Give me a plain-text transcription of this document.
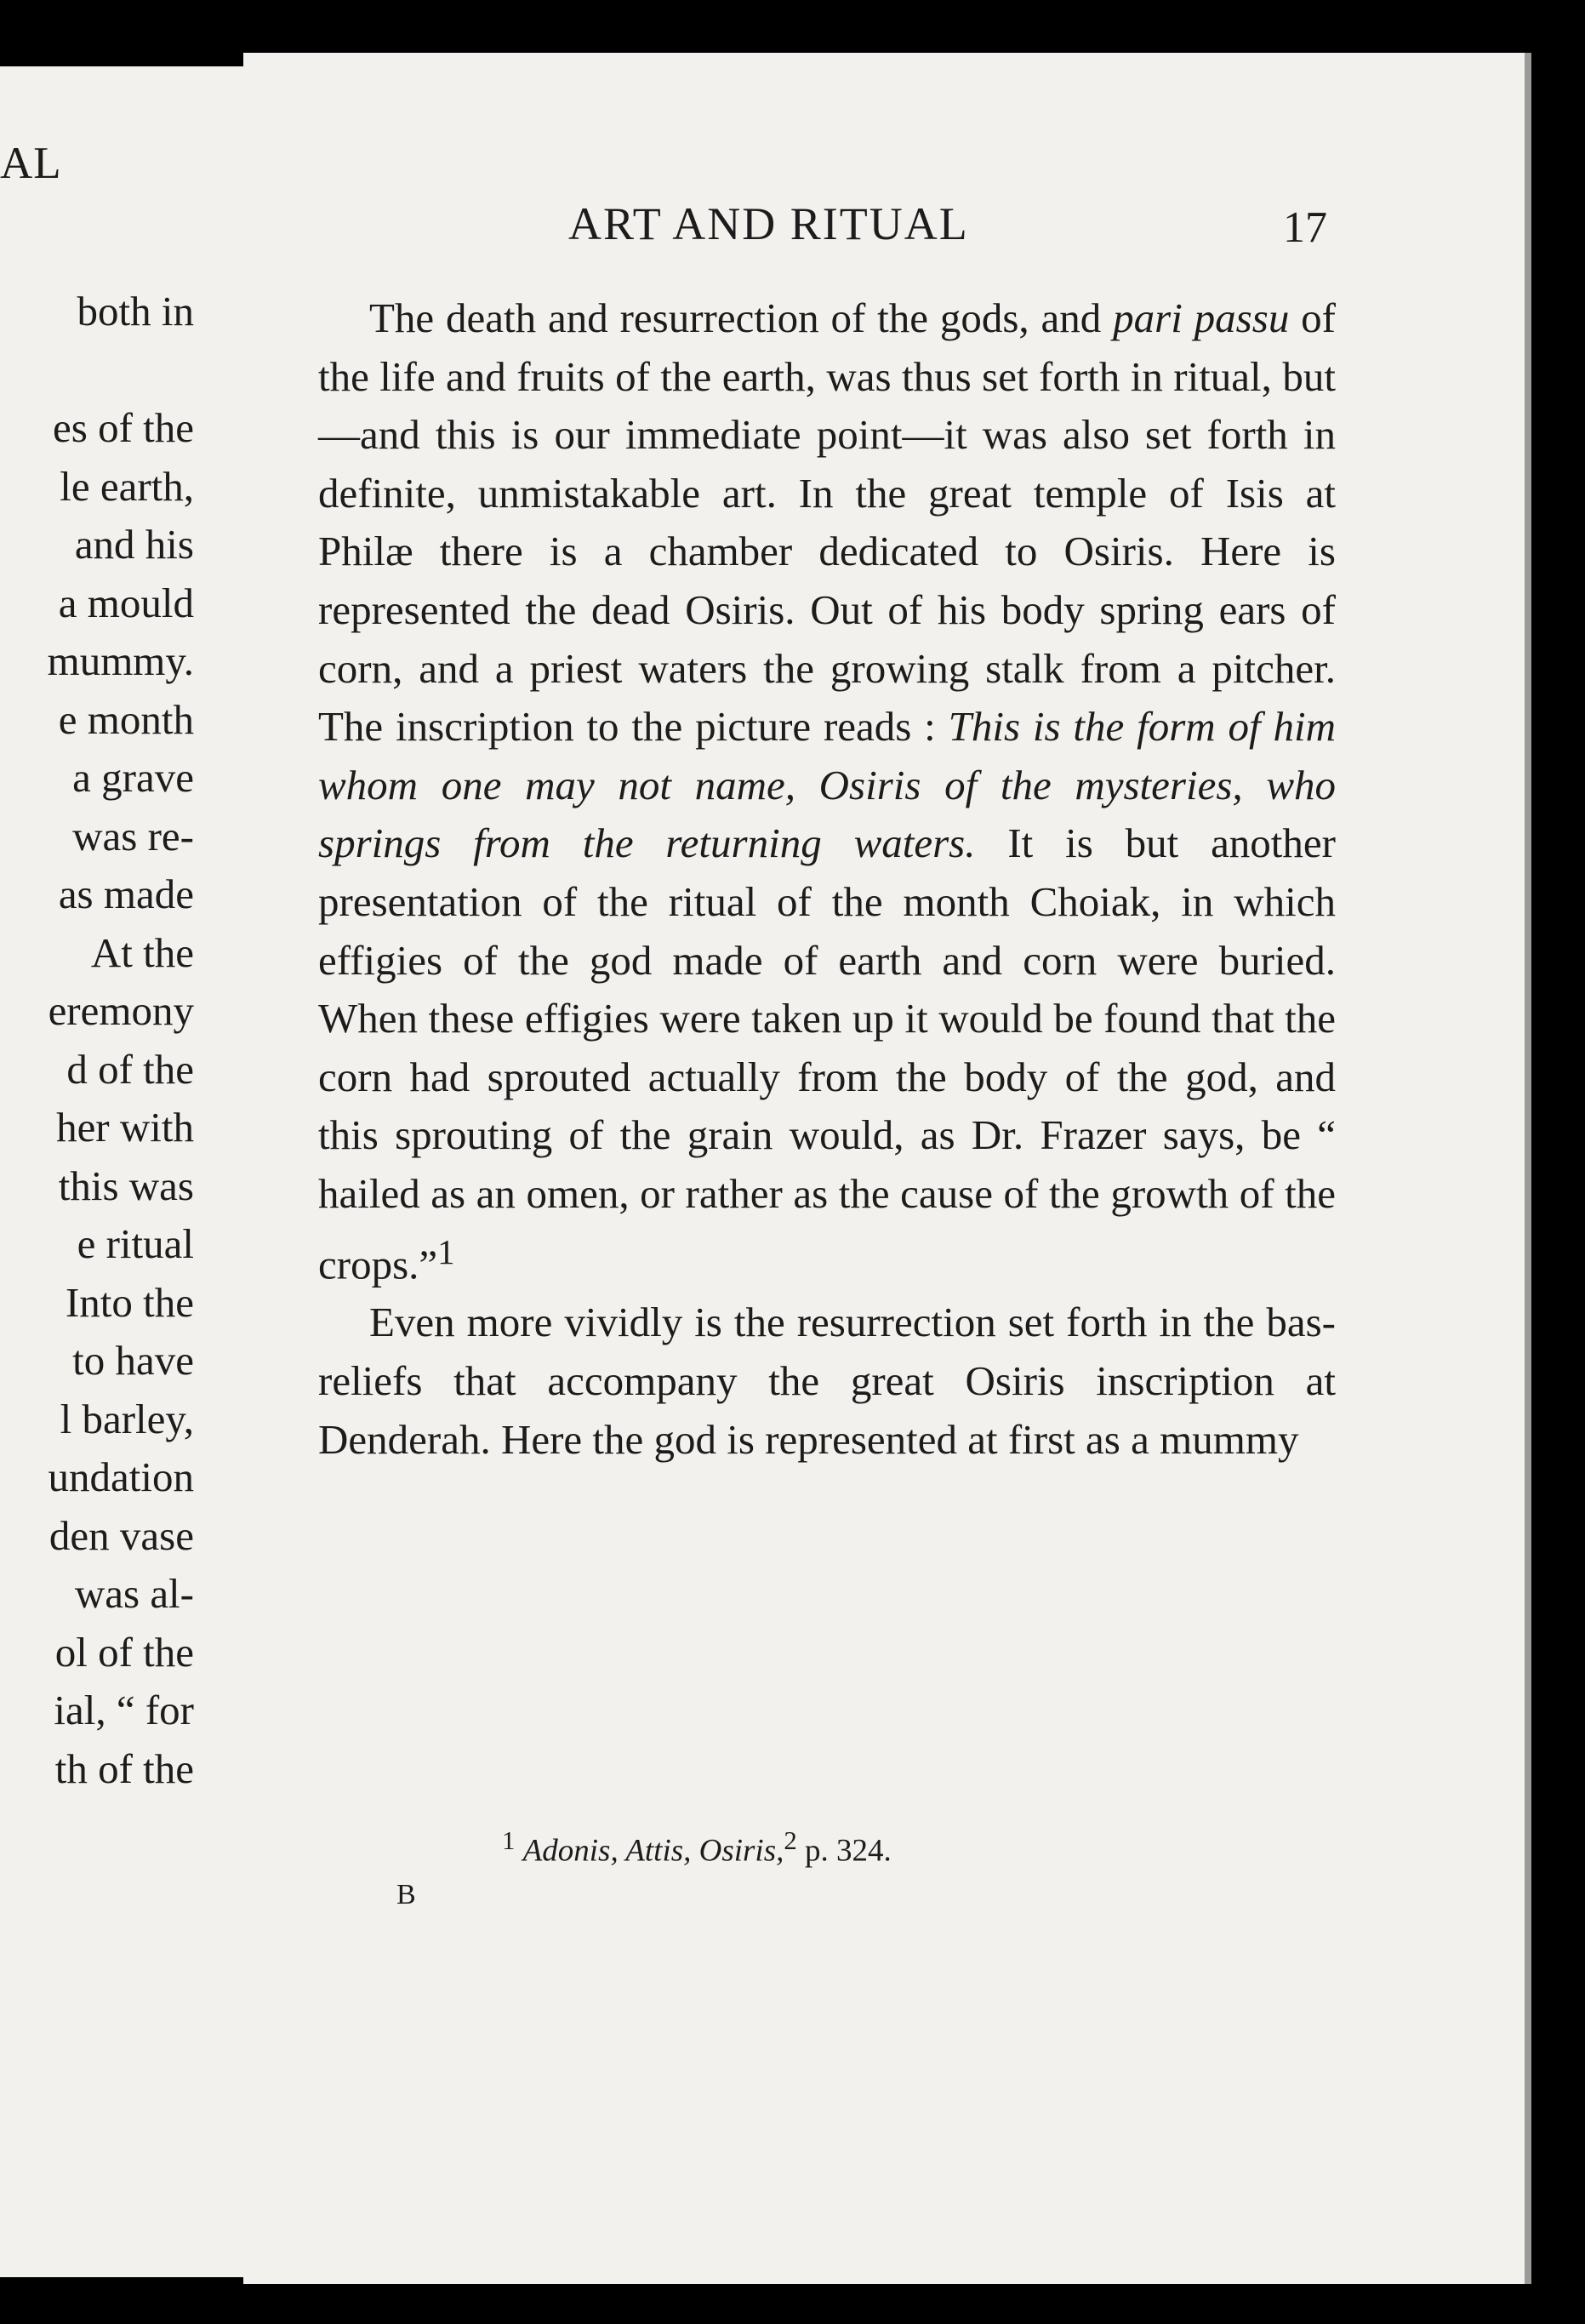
AL
both in
es of the
le earth,
and his
a mould
mummy.
e month
a grave
was re-
as made
At the
eremony
d of the
her with
this was
e ritual
Into the
to have
l barley,
undation
den vase
was al-
ol of the
ial, “ for
th of the
ART AND RITUAL	17

The death and resurrection of the gods, and pari passu of the life and fruits of the earth, was thus set forth in ritual, but—and this is our immediate point—it was also set forth in definite, unmistakable art. In the great temple of Isis at Philæ there is a chamber dedicated to Osiris. Here is represented the dead Osiris. Out of his body spring ears of corn, and a priest waters the growing stalk from a pitcher. The inscription to the picture reads : This is the form of him whom one may not name, Osiris of the mysteries, who springs from the returning waters. It is but another presentation of the ritual of the month Choiak, in which effigies of the god made of earth and corn were buried. When these effigies were taken up it would be found that the corn had sprouted actually from the body of the god, and this sprouting of the grain would, as Dr. Frazer says, be “ hailed as an omen, or rather as the cause of the growth of the crops.”$^1$

Even more vividly is the resurrection set forth in the bas-reliefs that accompany the great Osiris inscription at Denderah. Here the god is represented at first as a mummy

$^1$ Adonis, Attis, Osiris,$^2$ p. 324.
B
